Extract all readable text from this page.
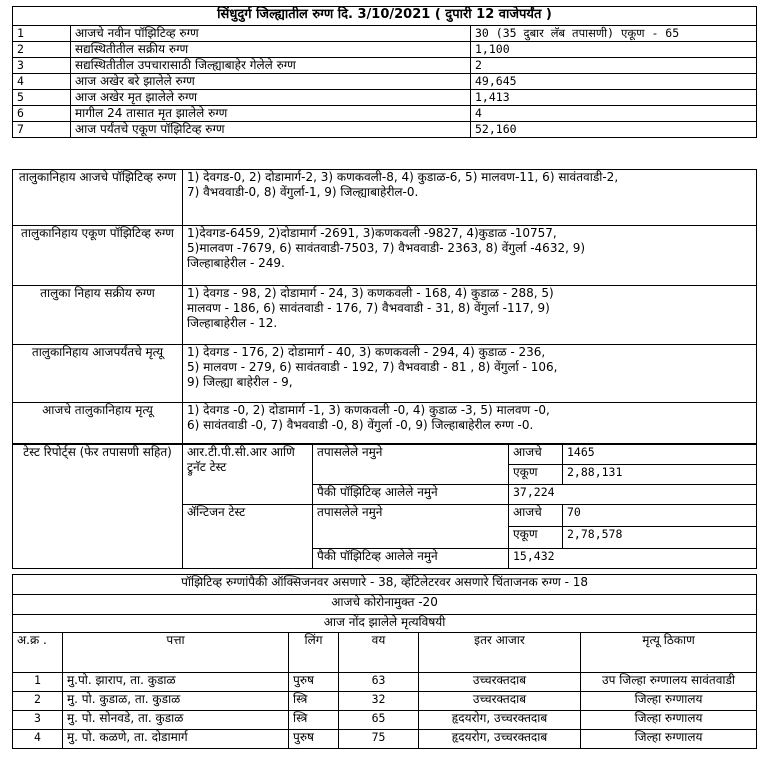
सिंधुदुर्ग जिल्ह्यातील रुग्ण दि. 3/10/2021 ( दुपारी 12 वाजेपर्यंत )		
1	आजचे नवीन पॉझिटिव्ह रुग्ण	30 (35 दुबार लॅब तपासणी) एकूण - 65
2	सद्यस्थितीतील सक्रीय रुग्ण	1,100
3	सद्यस्थितीतील उपचारासाठी जिल्ह्याबाहेर गेलेले रुग्ण	2
4	आज अखेर बरे झालेले रुग्ण	49,645
5	आज अखेर मृत झालेले रुग्ण	1,413
6	मागील 24 तासात मृत झालेले रुग्ण	4
7	आज पर्यंतचे एकूण पॉझिटिव्ह रुग्ण	52,160
तालुकानिहाय आजचे पॉझिटिव्ह रुग्ण	1) देवगड-0, 2) दोडामार्ग-2, 3) कणकवली-8, 4) कुडाळ-6, 5) मालवण-11, 6) सावंतवाडी-2,
7) वैभववाडी-0, 8) वेंगुर्ला-1, 9) जिल्ह्याबाहेरील-0.

तालुकानिहाय एकूण पॉझिटिव्ह रुग्ण	1)देवगड-6459, 2)दोडामार्ग -2691, 3)कणकवली -9827, 4)कुडाळ -10757,
5)मालवण -7679, 6) सावंतवाडी-7503, 7) वैभववाडी- 2363, 8) वेंगुर्ला -4632, 9)
जिल्हाबाहेरील - 249.

तालुका निहाय सक्रीय रुग्ण	1) देवगड - 98, 2) दोडामार्ग - 24, 3) कणकवली - 168, 4) कुडाळ - 288, 5)
मालवण - 186, 6) सावंतवाडी - 176, 7) वैभववाडी - 31, 8) वेंगुर्ला -117, 9)
जिल्हाबाहेरील - 12.

तालुकानिहाय आजपर्यंतचे मृत्यू	1) देवगड - 176, 2) दोडामार्ग - 40, 3) कणकवली - 294, 4) कुडाळ - 236,
5) मालवण - 279, 6) सावंतवाडी - 192, 7) वैभववाडी - 81 , 8) वेंगुर्ला - 106,
9) जिल्ह्या बाहेरील - 9,

आजचे तालुकानिहाय मृत्यू	1) देवगड -0, 2) दोडामार्ग -1, 3) कणकवली -0, 4) कुडाळ -3, 5) मालवण -0,
6) सावंतवाडी -0, 7) वैभववाडी -0, 8) वेंगुर्ला -0, 9) जिल्हाबाहेरील रुग्ण -0.
टेस्ट रिपोर्ट्स (फेर तपासणी सहित)	आर.टी.पी.सी.आर आणि ट्रुनॅट टेस्ट	तपासलेले नमुने	आजचे	1465
			एकूण	2,88,131
		पैकी पॉझिटिव्ह आलेले नमुने	37,224	
	ॲन्टिजन टेस्ट	तपासलेले नमुने	आजचे	70
			एकूण	2,78,578
		पैकी पॉझिटिव्ह आलेले नमुने	15,432	
पॉझिटिव्ह रुग्णांपैकी ऑक्सिजनवर असणारे - 38, व्हेंटिलेटरवर असणारे चिंताजनक रुग्ण - 18					
आजचे कोरोनामुक्त -20					
आज नोंद झालेले मृत्यविषयी					
अ.क्र .	पत्ता	लिंग	वय	इतर आजार	मृत्यू ठिकाण
1	मु.पो. झाराप, ता. कुडाळ	पुरुष	63	उच्चरक्तदाब	उप जिल्हा रुग्णालय सावंतवाडी
2	मु. पो. कुडाळ, ता. कुडाळ	स्त्रि	32	उच्चरक्तदाब	जिल्हा रुग्णालय
3	मु. पो. सोनवडे, ता. कुडाळ	स्त्रि	65	हृदयरोग, उच्चरक्तदाब	जिल्हा रुग्णालय
4	मु. पो. कळणे, ता. दोडामार्ग	पुरुष	75	हृदयरोग, उच्चरक्तदाब	जिल्हा रुग्णालय
